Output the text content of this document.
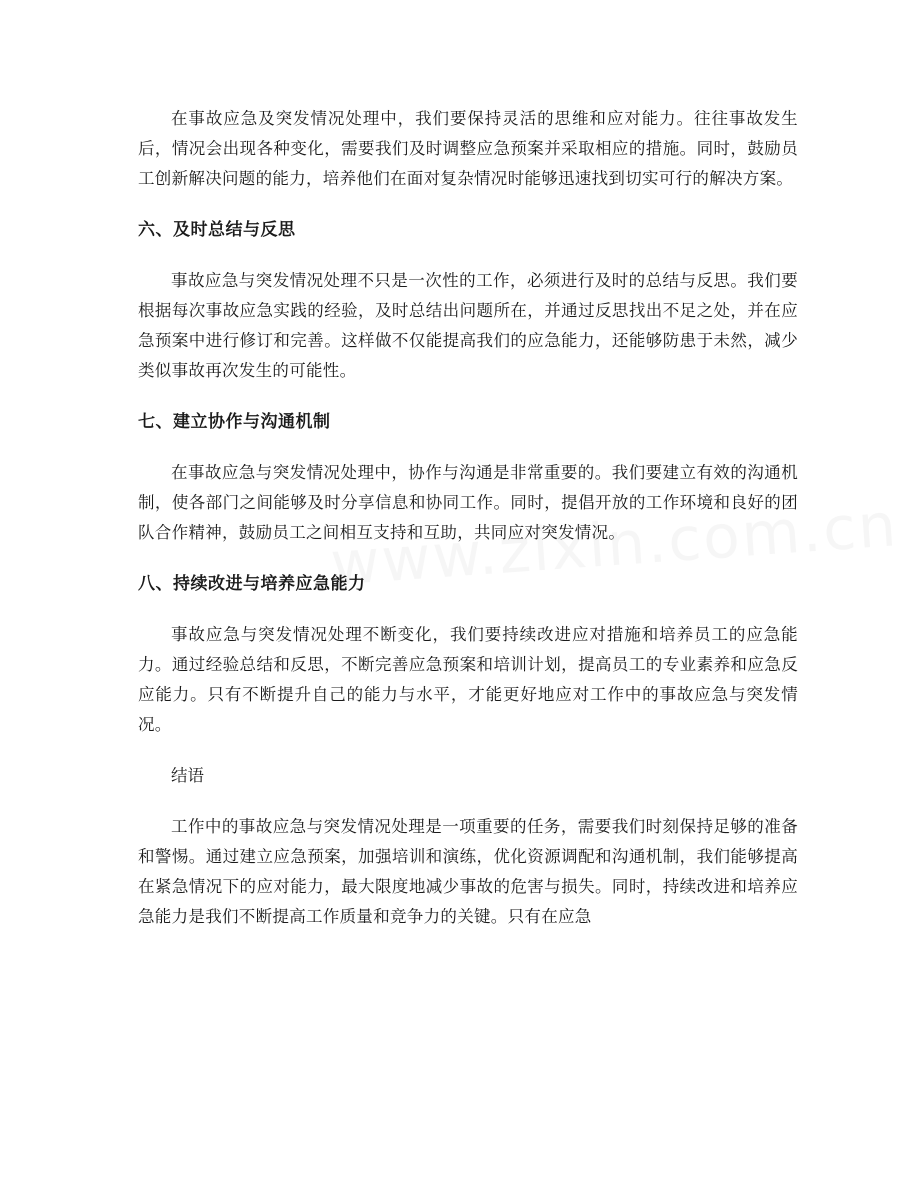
在事故应急及突发情况处理中，我们要保持灵活的思维和应对能力。往往事故发生后，情况会出现各种变化，需要我们及时调整应急预案并采取相应的措施。同时，鼓励员工创新解决问题的能力，培养他们在面对复杂情况时能够迅速找到切实可行的解决方案。

六、及时总结与反思

事故应急与突发情况处理不只是一次性的工作，必须进行及时的总结与反思。我们要根据每次事故应急实践的经验，及时总结出问题所在，并通过反思找出不足之处，并在应急预案中进行修订和完善。这样做不仅能提高我们的应急能力，还能够防患于未然，减少类似事故再次发生的可能性。

七、建立协作与沟通机制

在事故应急与突发情况处理中，协作与沟通是非常重要的。我们要建立有效的沟通机制，使各部门之间能够及时分享信息和协同工作。同时，提倡开放的工作环境和良好的团队合作精神，鼓励员工之间相互支持和互助，共同应对突发情况。

八、持续改进与培养应急能力

事故应急与突发情况处理不断变化，我们要持续改进应对措施和培养员工的应急能力。通过经验总结和反思，不断完善应急预案和培训计划，提高员工的专业素养和应急反应能力。只有不断提升自己的能力与水平，才能更好地应对工作中的事故应急与突发情况。

结语

工作中的事故应急与突发情况处理是一项重要的任务，需要我们时刻保持足够的准备和警惕。通过建立应急预案，加强培训和演练，优化资源调配和沟通机制，我们能够提高在紧急情况下的应对能力，最大限度地减少事故的危害与损失。同时，持续改进和培养应急能力是我们不断提高工作质量和竞争力的关键。只有在应急
